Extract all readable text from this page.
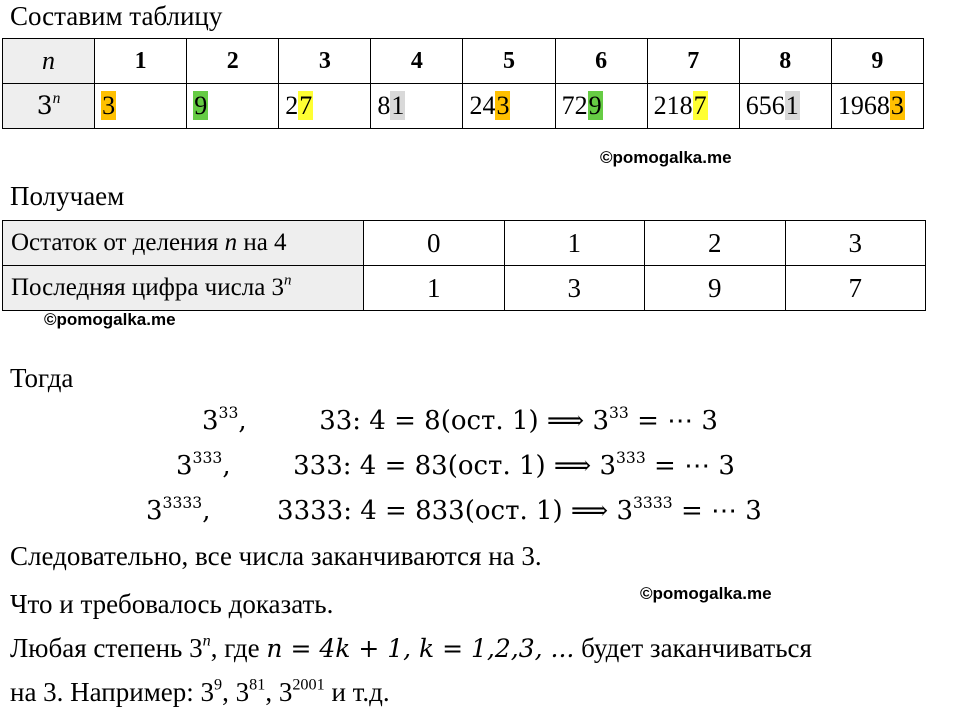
Составим таблицу
n	1	2	3	4	5	6	7	8	9
3$^n$	3	9	27	81	243	729	2187	6561	19683
©pomogalka.me
Получаем
Остаток от деления n на 4	0	1	2	3
Последняя цифра числа 3$^n$	1	3	9	7
©pomogalka.me
Тогда
$3^{33}$,	33: 4 = 8(ост. 1) ⟹ $3^{33}$ = ⋯ 3
$3^{333}$, 333: 4 = 83(ост. 1) ⟹ $3^{333}$ = ⋯ 3
$3^{3333}$,	3333: 4 = 833(ост. 1) ⟹ $3^{3333}$ = ⋯ 3
Следовательно, все числа заканчиваются на 3.
©pomogalka.me
Что и требовалось доказать.
Любая степень 3$^n$, где n = 4k + 1, k = 1,2,3, ... будет заканчиваться
на 3. Например: $3^9$, $3^{81}$, $3^{2001}$ и т.д.
